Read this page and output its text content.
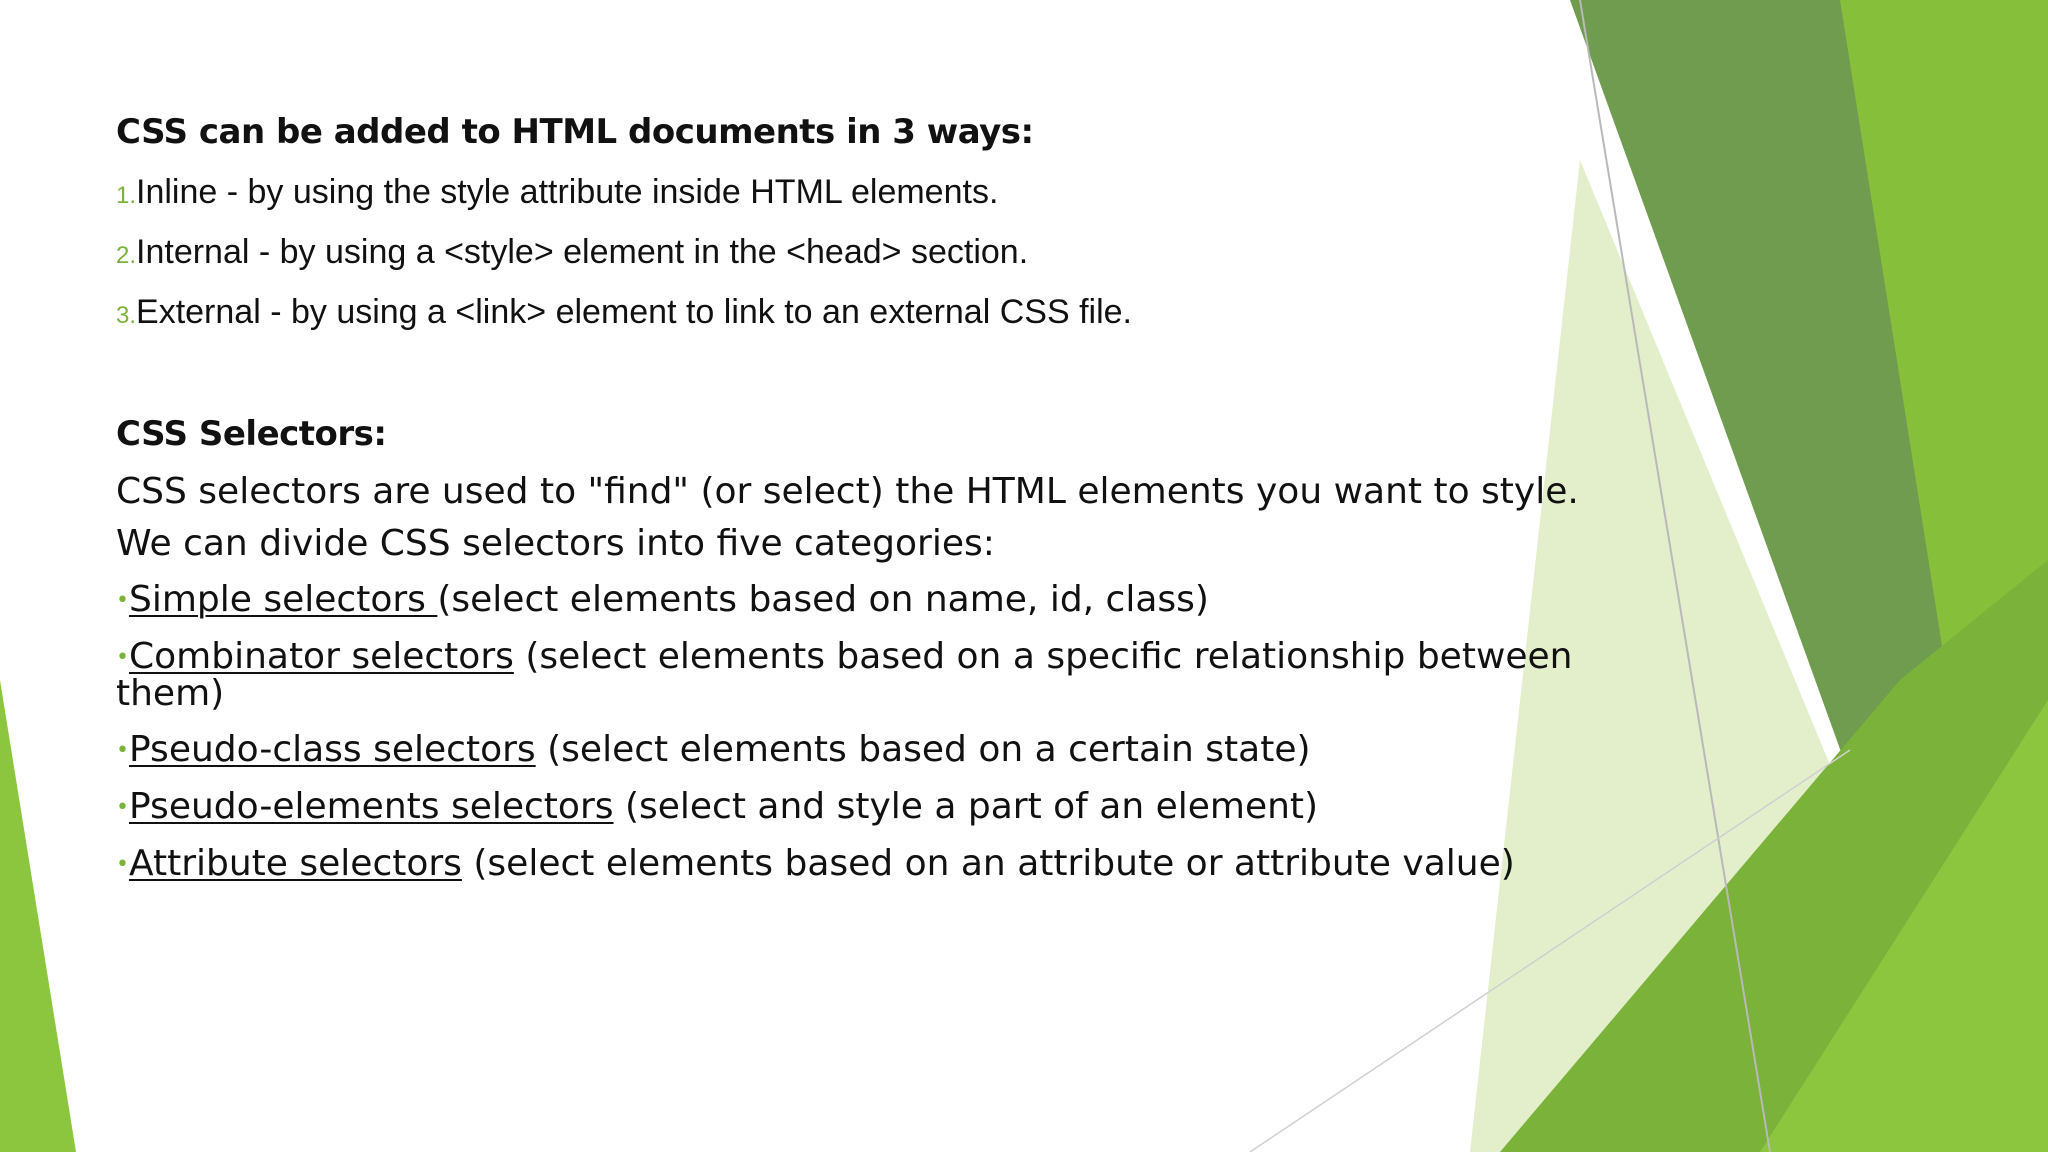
CSS can be added to HTML documents in 3 ways:
1.Inline - by using the style attribute inside HTML elements.
2.Internal - by using a <style> element in the <head> section.
3.External - by using a <link> element to link to an external CSS file.
CSS Selectors:

CSS selectors are used to "find" (or select) the HTML elements you want to style.

We can divide CSS selectors into five categories:

•Simple selectors (select elements based on name, id, class)
•Combinator selectors (select elements based on a specific relationship between them)
•Pseudo-class selectors (select elements based on a certain state)
•Pseudo-elements selectors (select and style a part of an element)
•Attribute selectors (select elements based on an attribute or attribute value)
